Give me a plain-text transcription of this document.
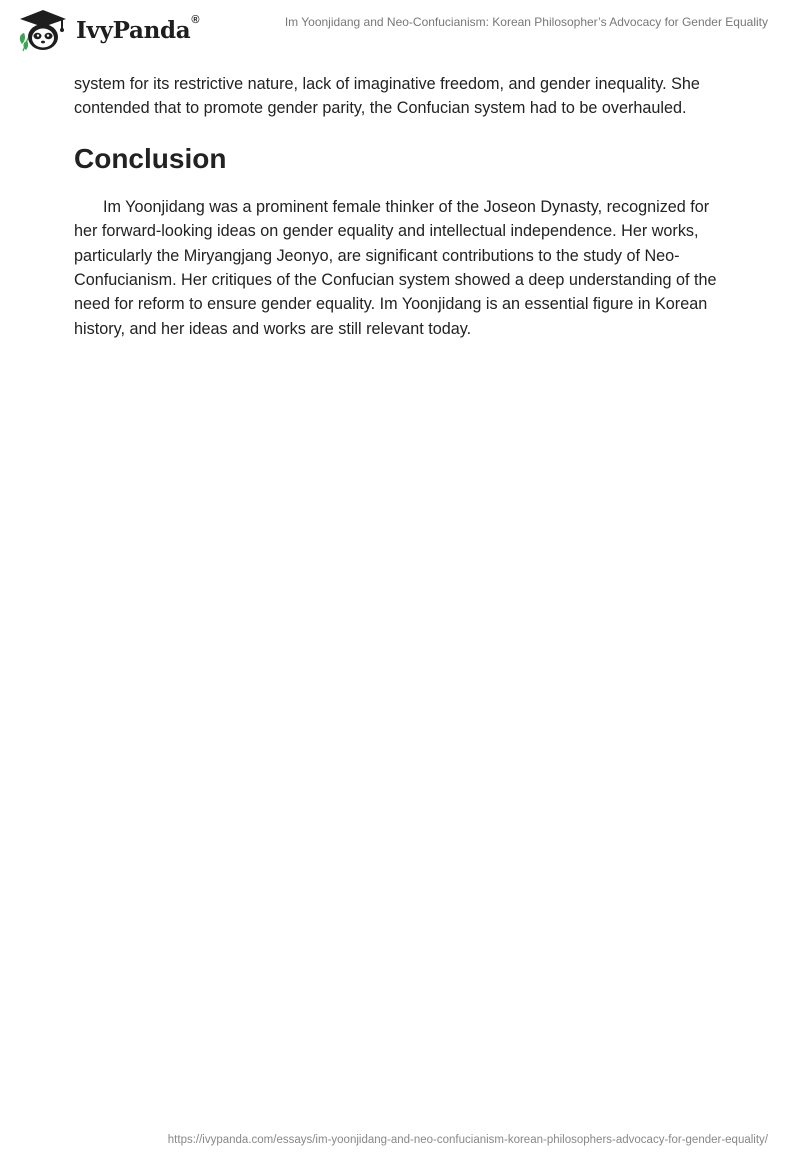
IvyPanda®	Im Yoonjidang and Neo-Confucianism: Korean Philosopher’s Advocacy for Gender Equality

system for its restrictive nature, lack of imaginative freedom, and gender inequality. She contended that to promote gender parity, the Confucian system had to be overhauled.

Conclusion

Im Yoonjidang was a prominent female thinker of the Joseon Dynasty, recognized for her forward-looking ideas on gender equality and intellectual independence. Her works, particularly the Miryangjang Jeonyo, are significant contributions to the study of Neo-Confucianism. Her critiques of the Confucian system showed a deep understanding of the need for reform to ensure gender equality. Im Yoonjidang is an essential figure in Korean history, and her ideas and works are still relevant today.

https://ivypanda.com/essays/im-yoonjidang-and-neo-confucianism-korean-philosophers-advocacy-for-gender-equality/
